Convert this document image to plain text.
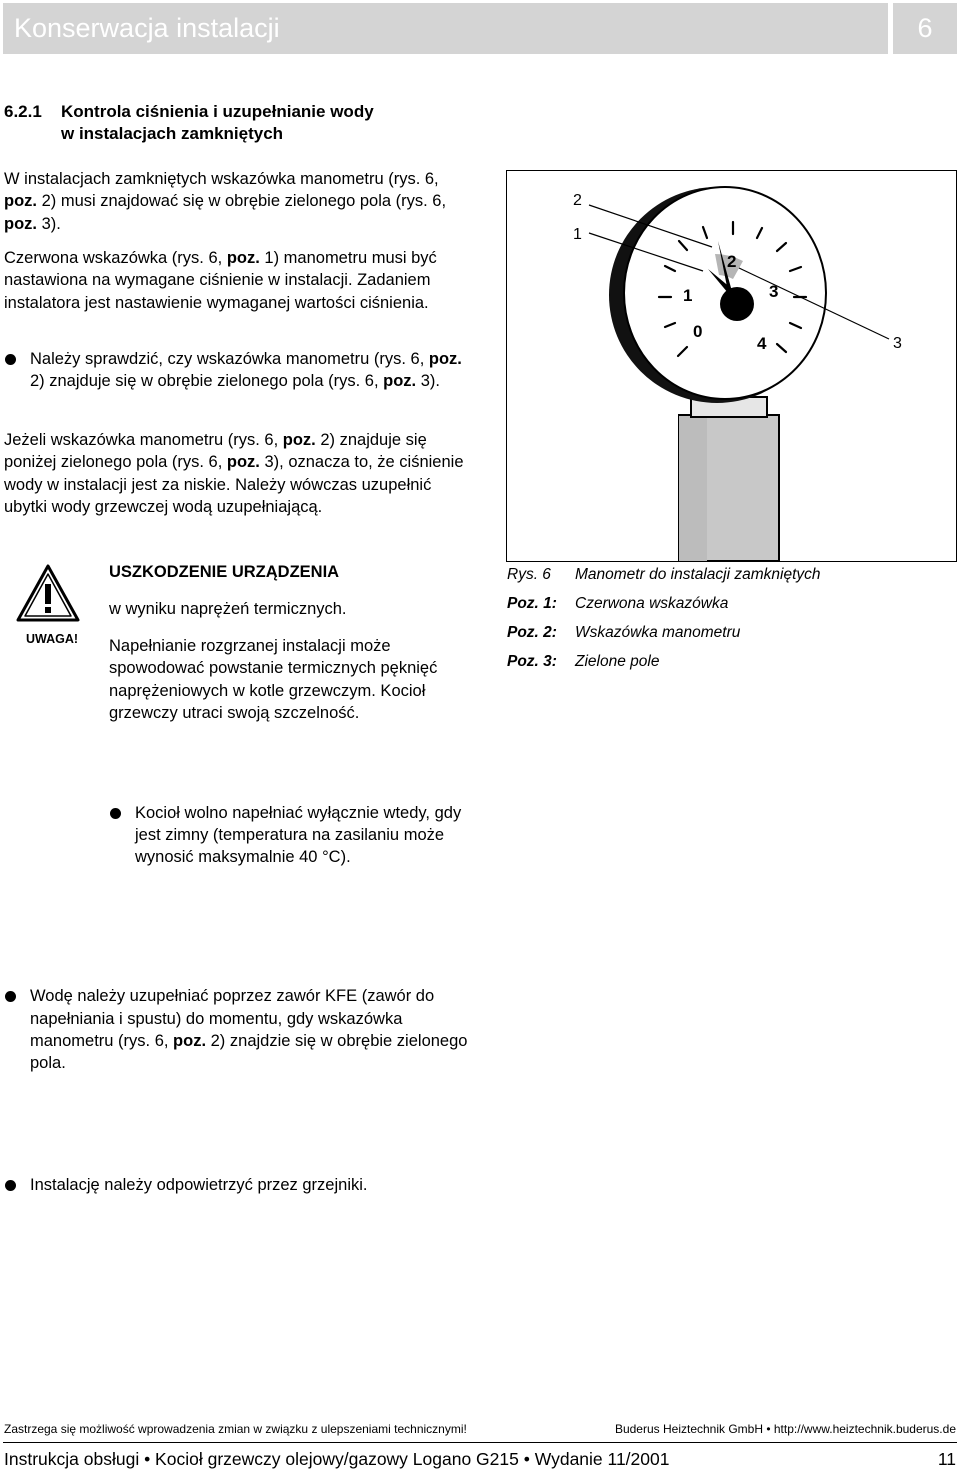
Konserwacja instalacji	6
6.2.1 Kontrola ciśnienia i uzupełnianie wody
w instalacjach zamkniętych
W instalacjach zamkniętych wskazówka manometru (rys. 6, poz. 2) musi znajdować się w obrębie zielonego pola (rys. 6, poz. 3).
Czerwona wskazówka (rys. 6, poz. 1) manometru musi być nastawiona na wymagane ciśnienie w instalacji. Zadaniem instalatora jest nastawienie wymaganej wartości ciśnienia.
Należy sprawdzić, czy wskazówka manometru (rys. 6, poz. 2) znajduje się w obrębie zielonego pola (rys. 6, poz. 3).
Jeżeli wskazówka manometru (rys. 6, poz. 2) znajduje się poniżej zielonego pola (rys. 6, poz. 3), oznacza to, że ciśnienie wody w instalacji jest za niskie. Należy wówczas uzupełnić ubytki wody grzewczej wodą uzupełniającą.
UWAGA!
USZKODZENIE URZĄDZENIA
w wyniku naprężeń termicznych.
Napełnianie rozgrzanej instalacji może spowodować powstanie termicznych pęknięć naprężeniowych w kotle grzewczym. Kocioł grzewczy utraci swoją szczelność.
Kocioł wolno napełniać wyłącznie wtedy, gdy jest zimny (temperatura na zasilaniu może wynosić maksymalnie 40 °C).
Wodę należy uzupełniać poprzez zawór KFE (zawór do napełniania i spustu) do momentu, gdy wskazówka manometru (rys. 6, poz. 2) znajdzie się w obrębie zielonego pola.
Instalację należy odpowietrzyć przez grzejniki.
0
1
2
3
4
2
1
3
Rys. 6 Manometr do instalacji zamkniętych
Poz. 1: Czerwona wskazówka
Poz. 2: Wskazówka manometru
Poz. 3: Zielone pole
Zastrzega się możliwość wprowadzenia zmian w związku z ulepszeniami technicznymi!	Buderus Heiztechnik GmbH • http://www.heiztechnik.buderus.de
Instrukcja obsługi • Kocioł grzewczy olejowy/gazowy Logano G215 • Wydanie 11/2001	11
